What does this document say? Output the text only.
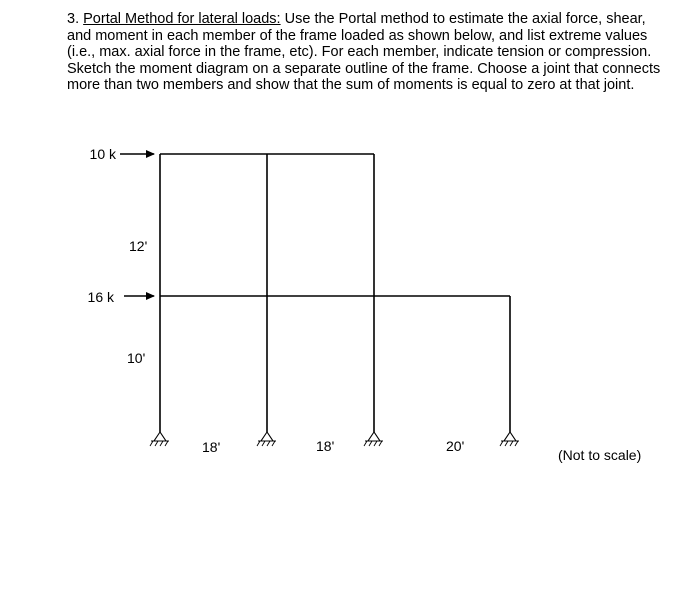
3. Portal Method for lateral loads: Use the Portal method to estimate the axial force, shear, and moment in each member of the frame loaded as shown below, and list extreme values (i.e., max. axial force in the frame, etc). For each member, indicate tension or compression. Sketch the moment diagram on a separate outline of the frame. Choose a joint that connects more than two members and show that the sum of moments is equal to zero at that joint.
10 k
16 k
12'
10'
18'	18'	20'
(Not to scale)
